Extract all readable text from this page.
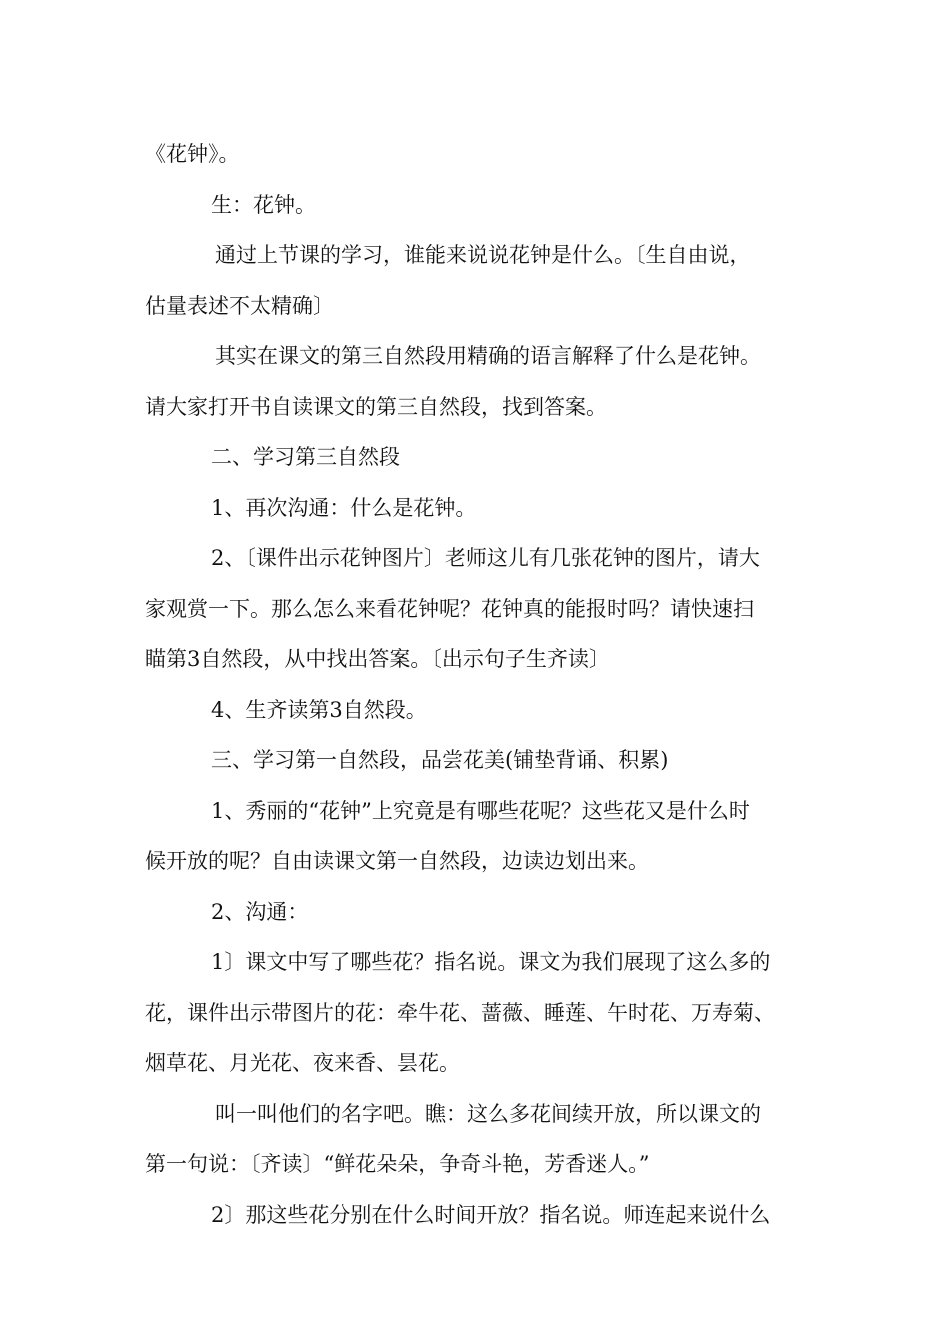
《花钟》。
生：花钟。
通过上节课的学习，谁能来说说花钟是什么。〔生自由说，
估量表述不太精确〕
其实在课文的第三自然段用精确的语言解释了什么是花钟。
请大家打开书自读课文的第三自然段，找到答案。
二、学习第三自然段
1、再次沟通：什么是花钟。
2、〔课件出示花钟图片〕老师这儿有几张花钟的图片，请大
家观赏一下。那么怎么来看花钟呢？花钟真的能报时吗？请快速扫
瞄第3自然段，从中找出答案。〔出示句子生齐读〕
4、生齐读第3自然段。
三、学习第一自然段，品尝花美(铺垫背诵、积累)
1、秀丽的“花钟”上究竟是有哪些花呢？这些花又是什么时
候开放的呢？自由读课文第一自然段，边读边划出来。
2、沟通：
1〕课文中写了哪些花？指名说。课文为我们展现了这么多的
花，课件出示带图片的花：牵牛花、蔷薇、睡莲、午时花、万寿菊、
烟草花、月光花、夜来香、昙花。
叫一叫他们的名字吧。瞧：这么多花间续开放，所以课文的
第一句说：〔齐读〕“鲜花朵朵，争奇斗艳，芳香迷人。”
2〕那这些花分别在什么时间开放？指名说。师连起来说什么
